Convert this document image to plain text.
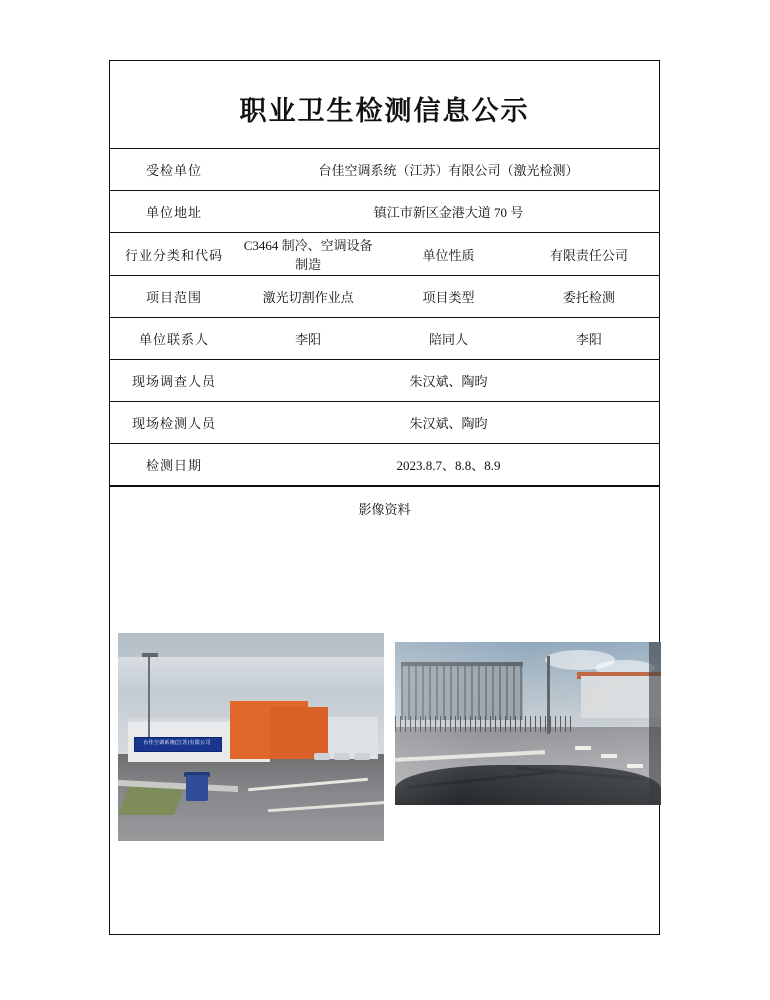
职业卫生检测信息公示
受检单位	台佳空调系统（江苏）有限公司（激光检测）		
单位地址	镇江市新区金港大道 70 号		
行业分类和代码	C3464 制冷、空调设备制造	单位性质	有限责任公司
项目范围	激光切割作业点	项目类型	委托检测
单位联系人	李阳	陪同人	李阳
现场调查人员	朱汉斌、陶昀		
现场检测人员	朱汉斌、陶昀		
检测日期	2023.8.7、8.8、8.9		
影像资料
台佳空调系统(江苏)有限公司
